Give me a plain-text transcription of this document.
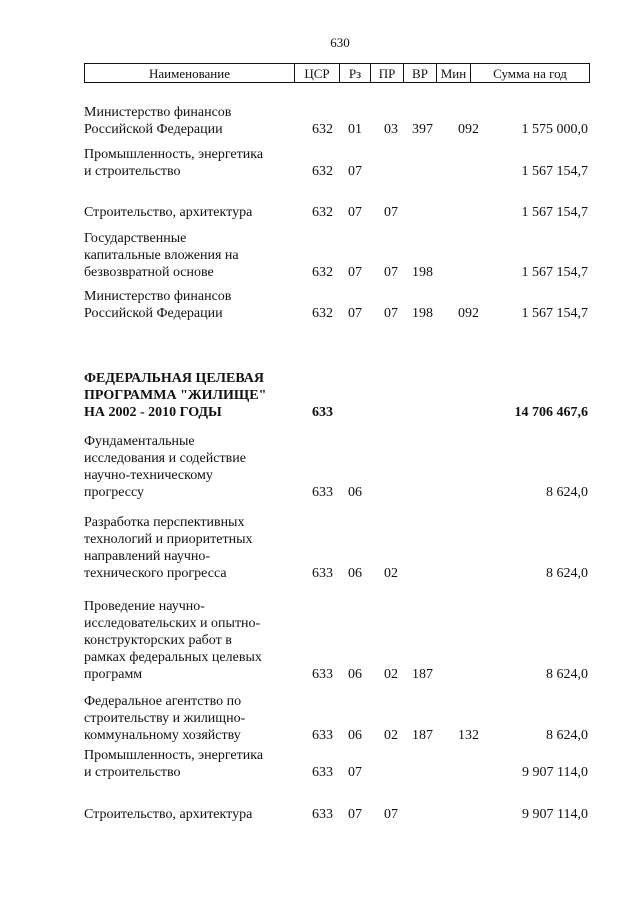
630
Наименование	ЦСР	Рз	ПР	ВР Мин	Сумма на год
Министерство финансов
Российской Федерации	632 01 03 397 092	1 575 000,0
Промышленность, энергетика
и строительство	632 07	1 567 154,7
Строительство, архитектура	632 07 07	1 567 154,7
Государственные
капитальные вложения на
безвозвратной основе	632 07 07 198	1 567 154,7
Министерство финансов
Российской Федерации	632 07 07 198 092	1 567 154,7
ФЕДЕРАЛЬНАЯ ЦЕЛЕВАЯ
ПРОГРАММА "ЖИЛИЩЕ"
НА 2002 - 2010 ГОДЫ	633	14 706 467,6
Фундаментальные
исследования и содействие
научно-техническому
прогрессу	633 06	8 624,0
Разработка перспективных
технологий и приоритетных
направлений научно-
технического прогресса	633 06 02	8 624,0
Проведение научно-
исследовательских и опытно-
конструкторских работ в
рамках федеральных целевых
программ	633 06 02 187	8 624,0
Федеральное агентство по
строительству и жилищно-
коммунальному хозяйству	633 06 02 187 132	8 624,0
Промышленность, энергетика
и строительство	633 07	9 907 114,0
Строительство, архитектура	633 07 07	9 907 114,0
